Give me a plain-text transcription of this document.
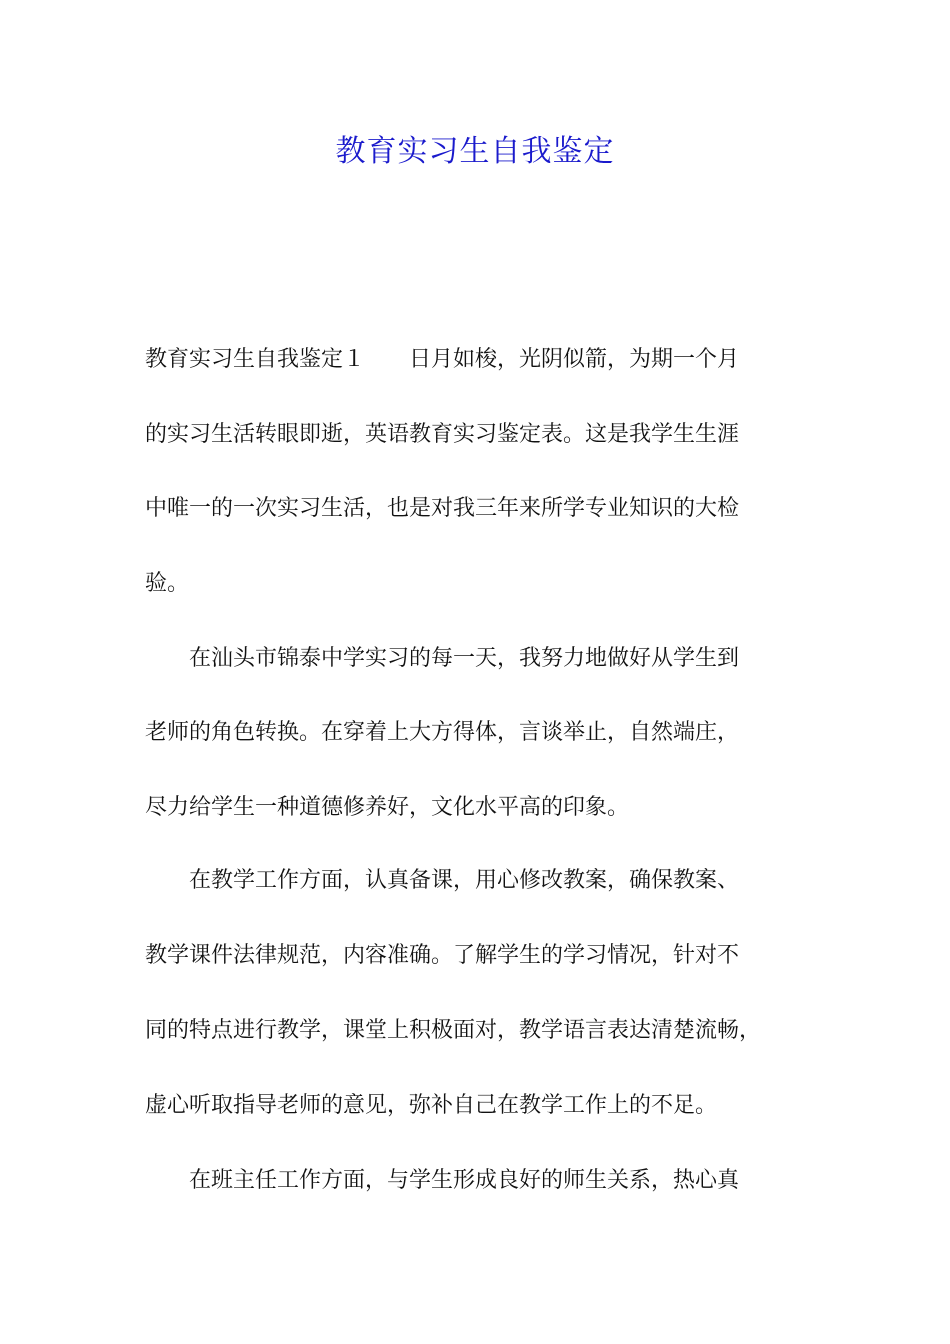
教育实习生自我鉴定
教育实习生自我鉴定１　　日月如梭，光阴似箭，为期一个月
的实习生活转眼即逝，英语教育实习鉴定表。这是我学生生涯
中唯一的一次实习生活，也是对我三年来所学专业知识的大检
验。
　　在汕头市锦泰中学实习的每一天，我努力地做好从学生到
老师的角色转换。在穿着上大方得体，言谈举止，自然端庄，
尽力给学生一种道德修养好，文化水平高的印象。
　　在教学工作方面，认真备课，用心修改教案，确保教案、
教学课件法律规范，内容准确。了解学生的学习情况，针对不
同的特点进行教学，课堂上积极面对，教学语言表达清楚流畅，
虚心听取指导老师的意见，弥补自己在教学工作上的不足。
　　在班主任工作方面，与学生形成良好的师生关系，热心真
